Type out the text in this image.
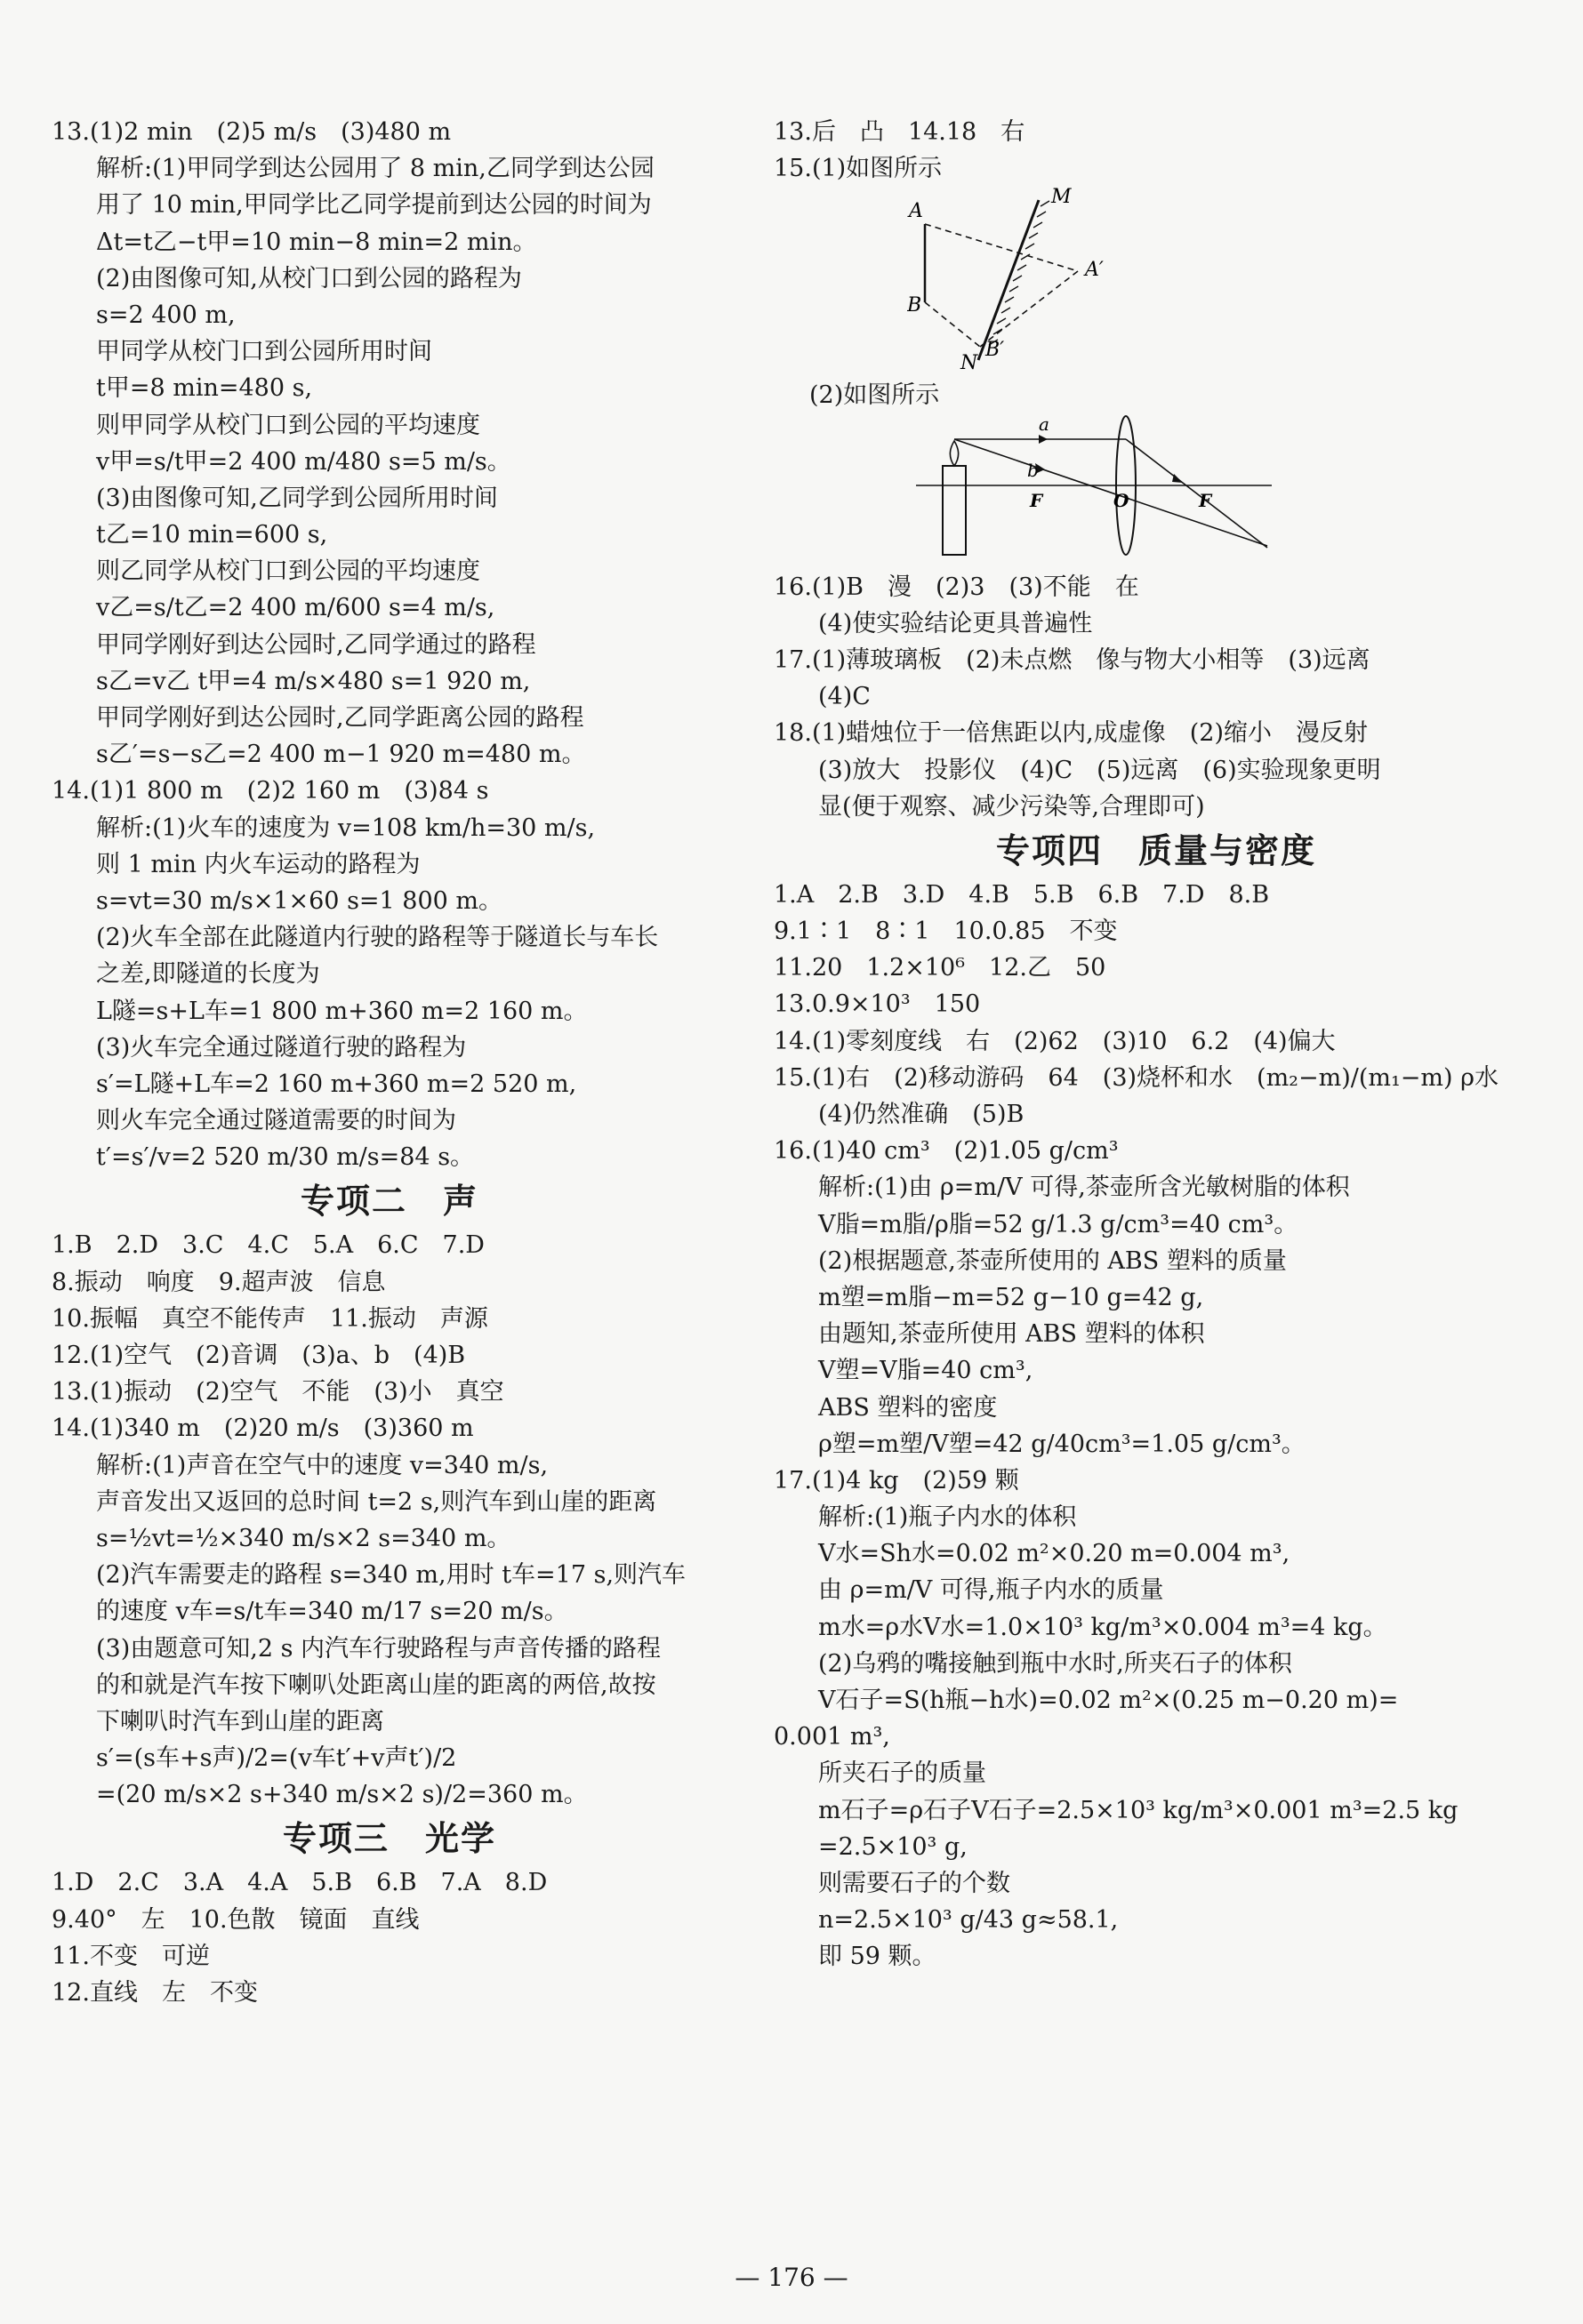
13.(1)2 min　(2)5 m/s　(3)480 m
解析:(1)甲同学到达公园用了 8 min,乙同学到达公园
用了 10 min,甲同学比乙同学提前到达公园的时间为
Δt=t乙−t甲=10 min−8 min=2 min。
(2)由图像可知,从校门口到公园的路程为
s=2 400 m,
甲同学从校门口到公园所用时间
t甲=8 min=480 s,
则甲同学从校门口到公园的平均速度
v甲=s/t甲=2 400 m/480 s=5 m/s。
(3)由图像可知,乙同学到公园所用时间
t乙=10 min=600 s,
则乙同学从校门口到公园的平均速度
v乙=s/t乙=2 400 m/600 s=4 m/s,
甲同学刚好到达公园时,乙同学通过的路程
s乙=v乙 t甲=4 m/s×480 s=1 920 m,
甲同学刚好到达公园时,乙同学距离公园的路程
s乙′=s−s乙=2 400 m−1 920 m=480 m。
14.(1)1 800 m　(2)2 160 m　(3)84 s
解析:(1)火车的速度为 v=108 km/h=30 m/s,
则 1 min 内火车运动的路程为
s=vt=30 m/s×1×60 s=1 800 m。
(2)火车全部在此隧道内行驶的路程等于隧道长与车长
之差,即隧道的长度为
L隧=s+L车=1 800 m+360 m=2 160 m。
(3)火车完全通过隧道行驶的路程为
s′=L隧+L车=2 160 m+360 m=2 520 m,
则火车完全通过隧道需要的时间为
t′=s′/v=2 520 m/30 m/s=84 s。
专项二　声
1.B　2.D　3.C　4.C　5.A　6.C　7.D
8.振动　响度　9.超声波　信息
10.振幅　真空不能传声　11.振动　声源
12.(1)空气　(2)音调　(3)a、b　(4)B
13.(1)振动　(2)空气　不能　(3)小　真空
14.(1)340 m　(2)20 m/s　(3)360 m
解析:(1)声音在空气中的速度 v=340 m/s,
声音发出又返回的总时间 t=2 s,则汽车到山崖的距离
s=½vt=½×340 m/s×2 s=340 m。
(2)汽车需要走的路程 s=340 m,用时 t车=17 s,则汽车
的速度 v车=s/t车=340 m/17 s=20 m/s。
(3)由题意可知,2 s 内汽车行驶路程与声音传播的路程
的和就是汽车按下喇叭处距离山崖的距离的两倍,故按
下喇叭时汽车到山崖的距离
s′=(s车+s声)/2=(v车t′+v声t′)/2
=(20 m/s×2 s+340 m/s×2 s)/2=360 m。
专项三　光学
1.D　2.C　3.A　4.A　5.B　6.B　7.A　8.D
9.40°　左　10.色散　镜面　直线
11.不变　可逆
12.直线　左　不变
13.后　凸　14.18　右
15.(1)如图所示
A
M
A′
B
B′
N
(2)如图所示
a
b
F	O	F
16.(1)B　漫　(2)3　(3)不能　在
(4)使实验结论更具普遍性
17.(1)薄玻璃板　(2)未点燃　像与物大小相等　(3)远离
(4)C
18.(1)蜡烛位于一倍焦距以内,成虚像　(2)缩小　漫反射
(3)放大　投影仪　(4)C　(5)远离　(6)实验现象更明
显(便于观察、减少污染等,合理即可)
专项四　质量与密度
1.A　2.B　3.D　4.B　5.B　6.B　7.D　8.B
9.1∶1　8∶1　10.0.85　不变
11.20　1.2×10⁶　12.乙　50
13.0.9×10³　150
14.(1)零刻度线　右　(2)62　(3)10　6.2　(4)偏大
15.(1)右　(2)移动游码　64　(3)烧杯和水　(m₂−m)/(m₁−m) ρ水
(4)仍然准确　(5)B
16.(1)40 cm³　(2)1.05 g/cm³
解析:(1)由 ρ=m/V 可得,茶壶所含光敏树脂的体积
V脂=m脂/ρ脂=52 g/1.3 g/cm³=40 cm³。
(2)根据题意,茶壶所使用的 ABS 塑料的质量
m塑=m脂−m=52 g−10 g=42 g,
由题知,茶壶所使用 ABS 塑料的体积
V塑=V脂=40 cm³,
ABS 塑料的密度
ρ塑=m塑/V塑=42 g/40cm³=1.05 g/cm³。
17.(1)4 kg　(2)59 颗
解析:(1)瓶子内水的体积
V水=Sh水=0.02 m²×0.20 m=0.004 m³,
由 ρ=m/V 可得,瓶子内水的质量
m水=ρ水V水=1.0×10³ kg/m³×0.004 m³=4 kg。
(2)乌鸦的嘴接触到瓶中水时,所夹石子的体积
V石子=S(h瓶−h水)=0.02 m²×(0.25 m−0.20 m)=
0.001 m³,
所夹石子的质量
m石子=ρ石子V石子=2.5×10³ kg/m³×0.001 m³=2.5 kg
=2.5×10³ g,
则需要石子的个数
n=2.5×10³ g/43 g≈58.1,
即 59 颗。
— 176 —
